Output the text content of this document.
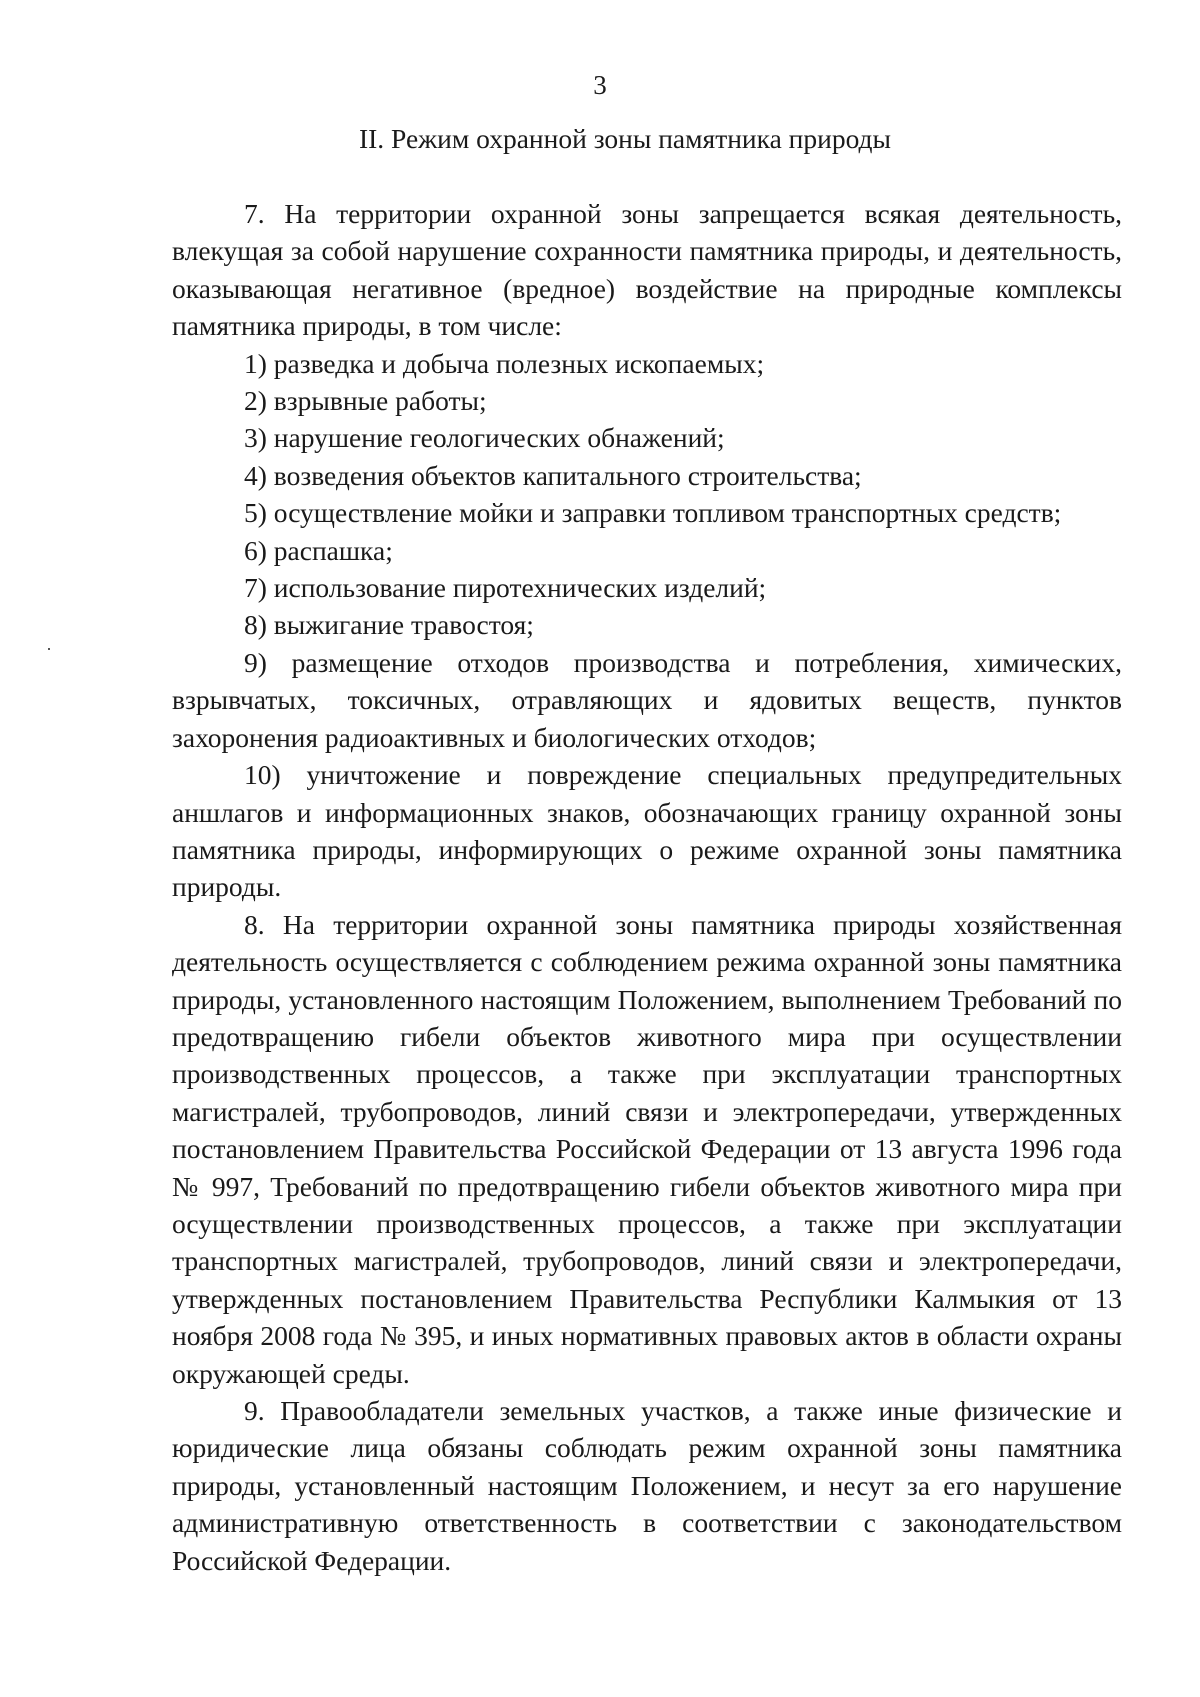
3
II. Режим охранной зоны памятника природы

7. На территории охранной зоны запрещается всякая деятельность, влекущая за собой нарушение сохранности памятника природы, и деятельность, оказывающая негативное (вредное) воздействие на природные комплексы памятника природы, в том числе:

1) разведка и добыча полезных ископаемых;

2) взрывные работы;

3) нарушение геологических обнажений;

4) возведения объектов капитального строительства;

5) осуществление мойки и заправки топливом транспортных средств;

6) распашка;

7) использование пиротехнических изделий;

8) выжигание травостоя;

9) размещение отходов производства и потребления, химических, взрывчатых, токсичных, отравляющих и ядовитых веществ, пунктов захоронения радиоактивных и биологических отходов;

10) уничтожение и повреждение специальных предупредительных аншлагов и информационных знаков, обозначающих границу охранной зоны памятника природы, информирующих о режиме охранной зоны памятника природы.

8. На территории охранной зоны памятника природы хозяйственная деятельность осуществляется с соблюдением режима охранной зоны памятника природы, установленного настоящим Положением, выполнением Требований по предотвращению гибели объектов животного мира при осуществлении производственных процессов, а также при эксплуатации транспортных магистралей, трубопроводов, линий связи и электропередачи, утвержденных постановлением Правительства Российской Федерации от 13 августа 1996 года № 997, Требований по предотвращению гибели объектов животного мира при осуществлении производственных процессов, а также при эксплуатации транспортных магистралей, трубопроводов, линий связи и электропередачи, утвержденных постановлением Правительства Республики Калмыкия от 13 ноября 2008 года № 395, и иных нормативных правовых актов в области охраны окружающей среды.

9. Правообладатели земельных участков, а также иные физические и юридические лица обязаны соблюдать режим охранной зоны памятника природы, установленный настоящим Положением, и несут за его нарушение административную ответственность в соответствии с законодательством Российской Федерации.
